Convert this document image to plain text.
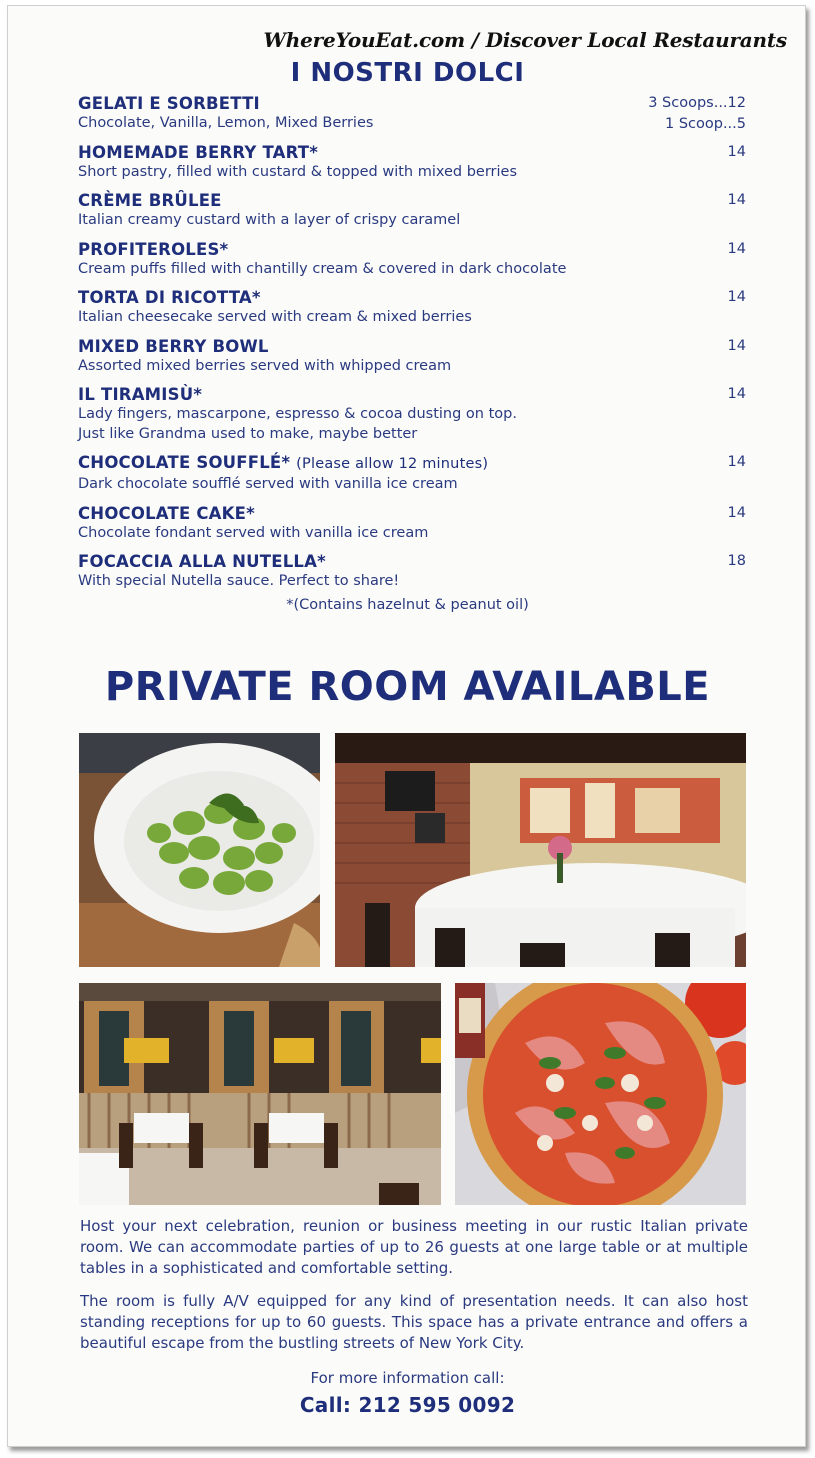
WhereYouEat.com / Discover Local Restaurants
I NOSTRI DOLCI
GELATI E SORBETTI
Chocolate, Vanilla, Lemon, Mixed Berries
3 Scoops...12
1 Scoop...5
HOMEMADE BERRY TART*
Short pastry, filled with custard & topped with mixed berries
14
CRÈME BRÛLEE
Italian creamy custard with a layer of crispy caramel
14
PROFITEROLES*
Cream puffs filled with chantilly cream & covered in dark chocolate
14
TORTA DI RICOTTA*
Italian cheesecake served with cream & mixed berries
14
MIXED BERRY BOWL
Assorted mixed berries served with whipped cream
14
IL TIRAMISÙ*
Lady fingers, mascarpone, espresso & cocoa dusting on top.
Just like Grandma used to make, maybe better
14
CHOCOLATE SOUFFLÉ* (Please allow 12 minutes)
Dark chocolate soufflé served with vanilla ice cream
14
CHOCOLATE CAKE*
Chocolate fondant served with vanilla ice cream
14
FOCACCIA ALLA NUTELLA*
With special Nutella sauce. Perfect to share!
18
*(Contains hazelnut & peanut oil)
PRIVATE ROOM AVAILABLE
Host your next celebration, reunion or business meeting in our rustic Italian private room. We can accommodate parties of up to 26 guests at one large table or at multiple tables in a sophisticated and comfortable setting.
The room is fully A/V equipped for any kind of presentation needs. It can also host standing receptions for up to 60 guests. This space has a private entrance and offers a beautiful escape from the bustling streets of New York City.
For more information call:
Call: 212 595 0092
